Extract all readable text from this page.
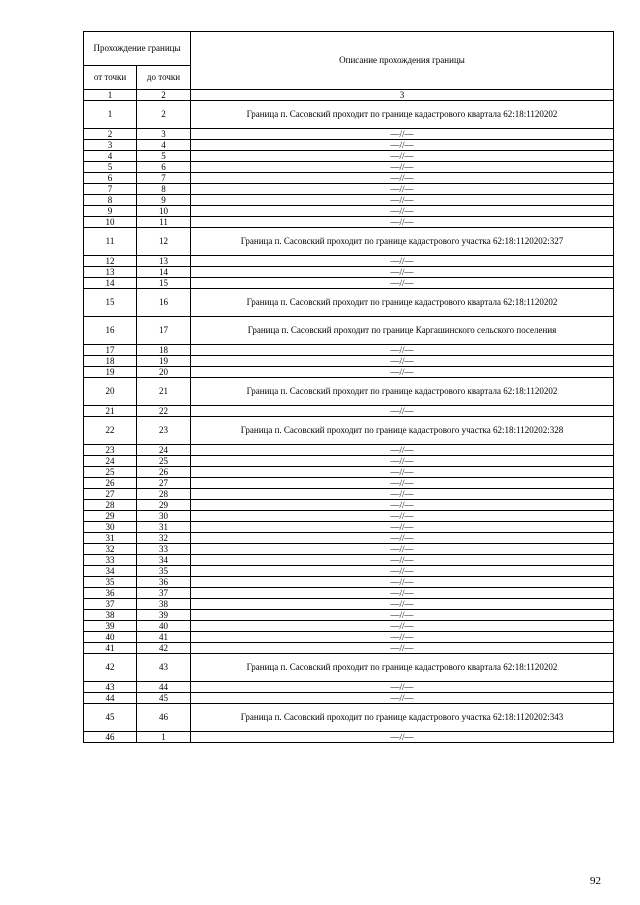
Прохождение границы		Описание прохождения границы
от точки	до точки	
1	2	3
1	2	Граница п. Сасовский проходит по границе кадастрового квартала 62:18:1120202
2	3	—//—
3	4	—//—
4	5	—//—
5	6	—//—
6	7	—//—
7	8	—//—
8	9	—//—
9	10	—//—
10	11	—//—
11	12	Граница п. Сасовский проходит по границе кадастрового участка 62:18:1120202:327
12	13	—//—
13	14	—//—
14	15	—//—
15	16	Граница п. Сасовский проходит по границе кадастрового квартала 62:18:1120202
16	17	Граница п. Сасовский проходит по границе Каргашинского сельского поселения
17	18	—//—
18	19	—//—
19	20	—//—
20	21	Граница п. Сасовский проходит по границе кадастрового квартала 62:18:1120202
21	22	—//—
22	23	Граница п. Сасовский проходит по границе кадастрового участка 62:18:1120202:328
23	24	—//—
24	25	—//—
25	26	—//—
26	27	—//—
27	28	—//—
28	29	—//—
29	30	—//—
30	31	—//—
31	32	—//—
32	33	—//—
33	34	—//—
34	35	—//—
35	36	—//—
36	37	—//—
37	38	—//—
38	39	—//—
39	40	—//—
40	41	—//—
41	42	—//—
42	43	Граница п. Сасовский проходит по границе кадастрового квартала 62:18:1120202
43	44	—//—
44	45	—//—
45	46	Граница п. Сасовский проходит по границе кадастрового участка 62:18:1120202:343
46	1	—//—
92
